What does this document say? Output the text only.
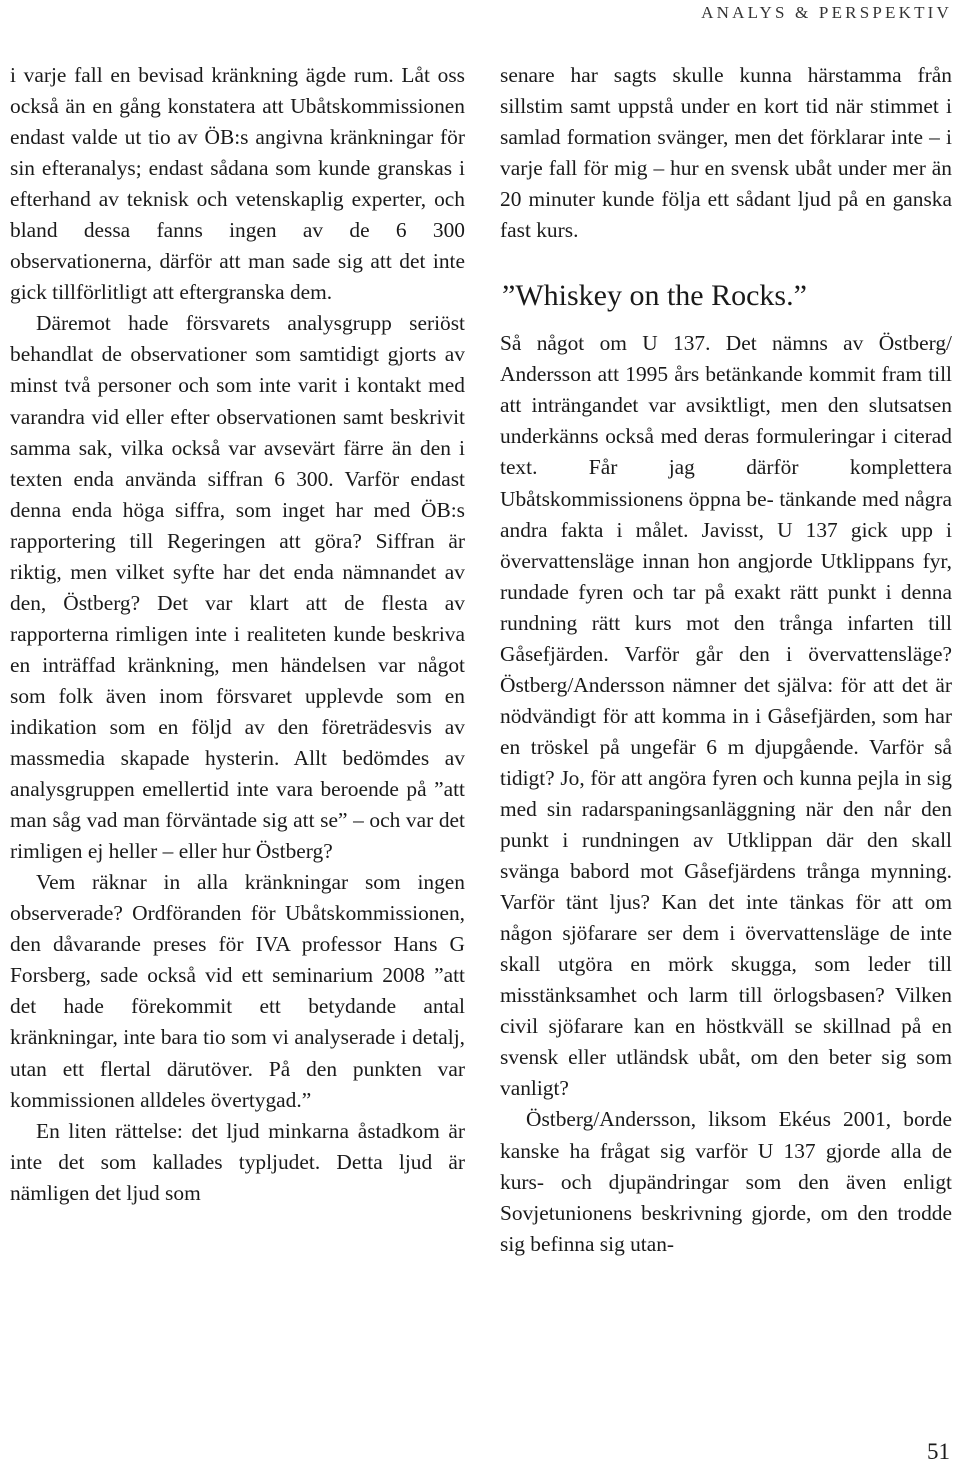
ANALYS & PERSPEKTIV

i varje fall en bevisad kränkning ägde rum. Låt oss också än en gång konstatera att Ubåtskommissionen endast valde ut tio av ÖB:s angivna kränkningar för sin efteranalys; endast sådana som kunde granskas i efterhand av teknisk och vetenskaplig experter, och bland dessa fanns ingen av de 6 300 observationerna, därför att man sade sig att det inte gick tillförlitligt att eftergranska dem.

Däremot hade försvarets analysgrupp seriöst behandlat de observationer som samtidigt gjorts av minst två personer och som inte varit i kontakt med varandra vid eller efter observationen samt beskrivit samma sak, vilka också var avsevärt färre än den i texten enda använda siffran 6 300. Varför endast denna enda höga siffra, som inget har med ÖB:s rapportering till Regeringen att göra? Siffran är riktig, men vilket syfte har det enda nämnandet av den, Östberg? Det var klart att de flesta av rapporterna rimligen inte i realiteten kunde beskriva en inträffad kränkning, men händelsen var något som folk även inom försvaret upplevde som en indikation som en följd av den företrädesvis av massmedia skapade hysterin. Allt bedömdes av analysgruppen emellertid inte vara beroende på ”att man såg vad man förväntade sig att se” – och var det rimligen ej heller – eller hur Östberg?

Vem räknar in alla kränkningar som ingen observerade? Ordföranden för Ubåtskommissionen, den dåvarande preses för IVA professor Hans G Forsberg, sade också vid ett seminarium 2008 ”att det hade förekommit ett betydande antal kränkningar, inte bara tio som vi analyserade i detalj, utan ett flertal därutöver. På den punkten var kommissionen alldeles övertygad.”

En liten rättelse: det ljud minkarna åstadkom är inte det som kallades typljudet. Detta ljud är nämligen det ljud som

senare har sagts skulle kunna härstamma från sillstim samt uppstå under en kort tid när stimmet i samlad formation svänger, men det förklarar inte – i varje fall för mig – hur en svensk ubåt under mer än 20 minuter kunde följa ett sådant ljud på en ganska fast kurs.

”Whiskey on the Rocks.”

Så något om U 137. Det nämns av Östberg/ Andersson att 1995 års betänkande kommit fram till att inträngandet var avsiktligt, men den slutsatsen underkänns också med deras formuleringar i citerad text. Får jag därför komplettera Ubåtskommissionens öppna be- tänkande med några andra fakta i målet. Javisst, U 137 gick upp i övervattensläge innan hon angjorde Utklippans fyr, rundade fyren och tar på exakt rätt punkt i denna rundning rätt kurs mot den trånga infarten till Gåsefjärden. Varför går den i övervattensläge? Östberg/Andersson nämner det själva: för att det är nödvändigt för att komma in i Gåsefjärden, som har en tröskel på ungefär 6 m djupgående. Varför så tidigt? Jo, för att angöra fyren och kunna pejla in sig med sin radarspaningsanläggning när den når den punkt i rundningen av Utklippan där den skall svänga babord mot Gåsefjärdens trånga mynning. Varför tänt ljus? Kan det inte tänkas för att om någon sjöfarare ser dem i övervattensläge de inte skall utgöra en mörk skugga, som leder till misstänksamhet och larm till örlogsbasen? Vilken civil sjöfarare kan en höstkväll se skillnad på en svensk eller utländsk ubåt, om den beter sig som vanligt?

Östberg/Andersson, liksom Ekéus 2001, borde kanske ha frågat sig varför U 137 gjorde alla de kurs- och djupändringar som den även enligt Sovjetunionens beskrivning gjorde, om den trodde sig befinna sig utan-

51
